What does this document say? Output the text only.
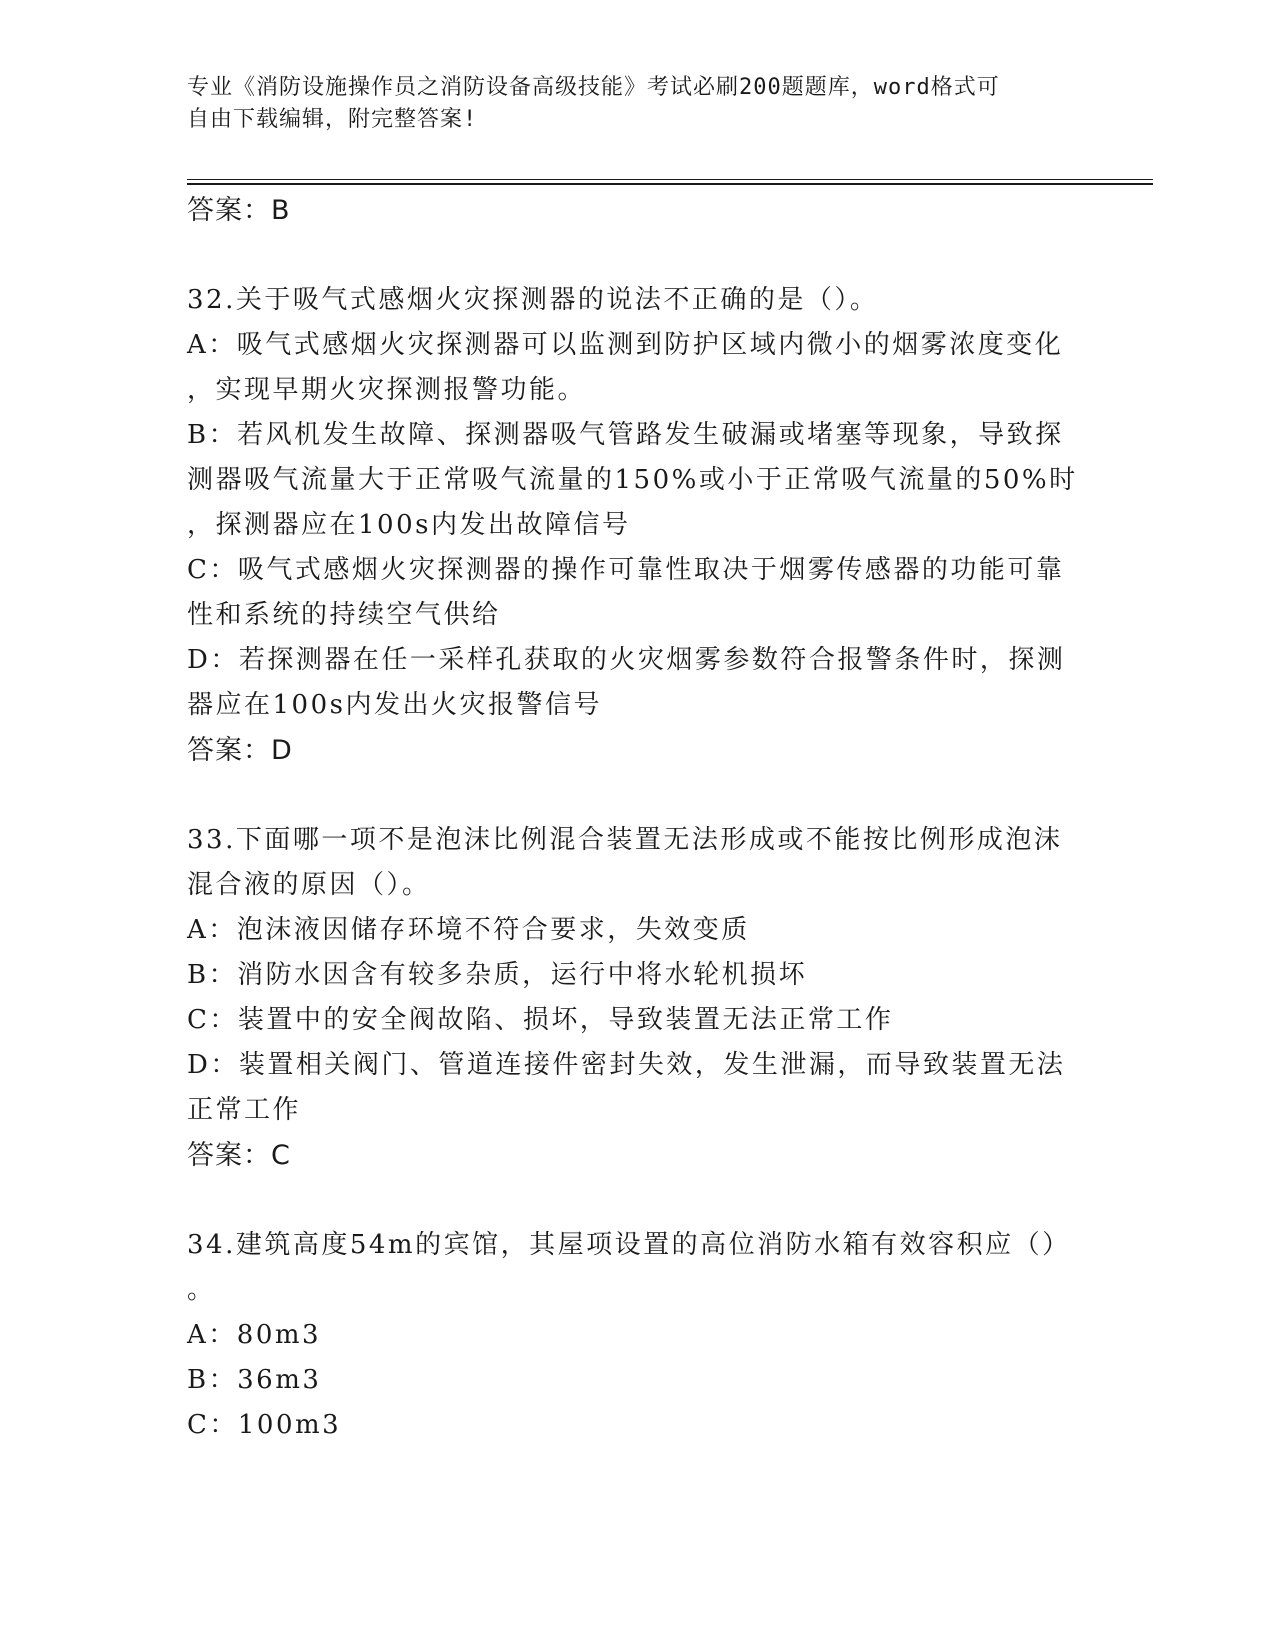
专业《消防设施操作员之消防设备高级技能》考试必刷200题题库，word格式可
自由下载编辑，附完整答案!
答案：B
32.关于吸气式感烟火灾探测器的说法不正确的是（）。
A：吸气式感烟火灾探测器可以监测到防护区域内微小的烟雾浓度变化
，实现早期火灾探测报警功能。
B：若风机发生故障、探测器吸气管路发生破漏或堵塞等现象，导致探
测器吸气流量大于正常吸气流量的150%或小于正常吸气流量的50%时
，探测器应在100s内发出故障信号
C：吸气式感烟火灾探测器的操作可靠性取决于烟雾传感器的功能可靠
性和系统的持续空气供给
D：若探测器在任一采样孔获取的火灾烟雾参数符合报警条件时，探测
器应在100s内发出火灾报警信号
答案：D
33.下面哪一项不是泡沫比例混合装置无法形成或不能按比例形成泡沫
混合液的原因（）。
A：泡沫液因储存环境不符合要求，失效变质
B：消防水因含有较多杂质，运行中将水轮机损坏
C：装置中的安全阀故陷、损坏，导致装置无法正常工作
D：装置相关阀门、管道连接件密封失效，发生泄漏，而导致装置无法
正常工作
答案：C
34.建筑高度54m的宾馆，其屋项设置的高位消防水箱有效容积应（）
。
A：80m3
B：36m3
C：100m3
